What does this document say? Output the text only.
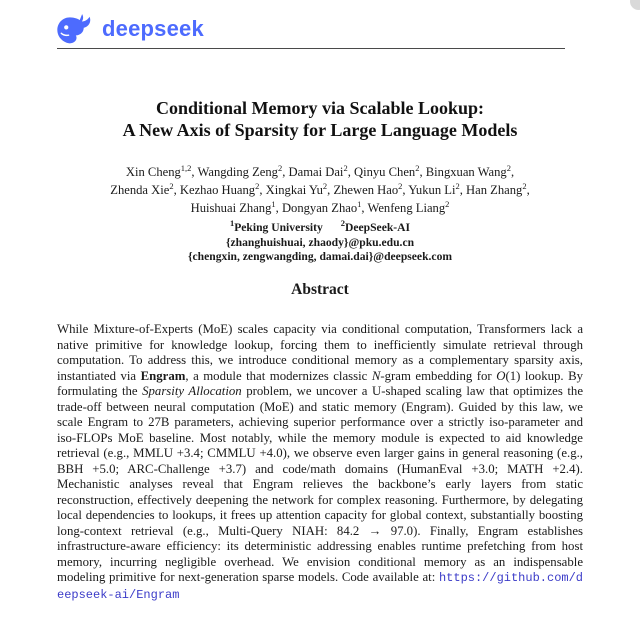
deepseek
Conditional Memory via Scalable Lookup:
A New Axis of Sparsity for Large Language Models
Xin Cheng$^{1,2}$, Wangding Zeng$^2$, Damai Dai$^2$, Qinyu Chen$^2$, Bingxuan Wang$^2$,
Zhenda Xie$^2$, Kezhao Huang$^2$, Xingkai Yu$^2$, Zhewen Hao$^2$, Yukun Li$^2$, Han Zhang$^2$,
Huishuai Zhang$^1$, Dongyan Zhao$^1$, Wenfeng Liang$^2$
$^1$Peking University $^2$DeepSeek-AI
{zhanghuishuai, zhaody}@pku.edu.cn
{chengxin, zengwangding, damai.dai}@deepseek.com
Abstract

While Mixture-of-Experts (MoE) scales capacity via conditional computation, Transformers lack a native primitive for knowledge lookup, forcing them to inefficiently simulate retrieval through computation. To address this, we introduce conditional memory as a complementary sparsity axis, instantiated via Engram, a module that modernizes classic N-gram embedding for O(1) lookup. By formulating the Sparsity Allocation problem, we uncover a U-shaped scaling law that optimizes the trade-off between neural computation (MoE) and static memory (Engram). Guided by this law, we scale Engram to 27B parameters, achieving superior performance over a strictly iso-parameter and iso-FLOPs MoE baseline. Most notably, while the memory module is expected to aid knowledge retrieval (e.g., MMLU +3.4; CMMLU +4.0), we observe even larger gains in general reasoning (e.g., BBH +5.0; ARC-Challenge +3.7) and code/math domains (HumanEval +3.0; MATH +2.4). Mechanistic analyses reveal that Engram relieves the backbone’s early layers from static reconstruction, effectively deepening the network for complex reasoning. Furthermore, by delegating local dependencies to lookups, it frees up attention capacity for global context, substantially boosting long-context retrieval (e.g., Multi-Query NIAH: 84.2 → 97.0). Finally, Engram establishes infrastructure-aware efficiency: its deterministic addressing enables runtime prefetching from host memory, incurring negligible overhead. We envision conditional memory as an indispensable modeling primitive for next-generation sparse models. Code available at: https://github.com/deepseek-ai/Engram
